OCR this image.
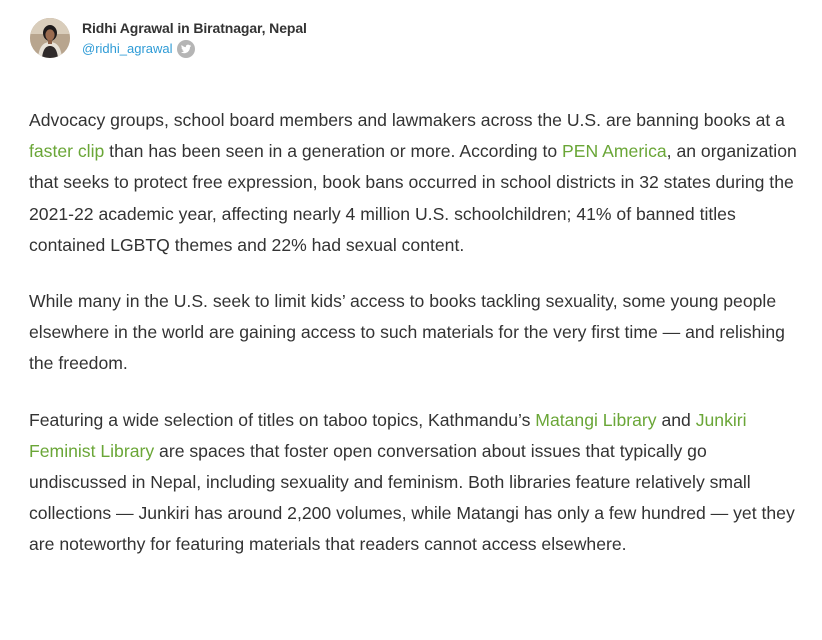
Ridhi Agrawal in Biratnagar, Nepal
@ridhi_agrawal

Advocacy groups, school board members and lawmakers across the U.S. are banning books at a faster clip than has been seen in a generation or more. According to PEN America, an organization that seeks to protect free expression, book bans occurred in school districts in 32 states during the 2021-22 academic year, affecting nearly 4 million U.S. schoolchildren; 41% of banned titles contained LGBTQ themes and 22% had sexual content.

While many in the U.S. seek to limit kids’ access to books tackling sexuality, some young people elsewhere in the world are gaining access to such materials for the very first time — and relishing the freedom.

Featuring a wide selection of titles on taboo topics, Kathmandu’s Matangi Library and Junkiri Feminist Library are spaces that foster open conversation about issues that typically go undiscussed in Nepal, including sexuality and feminism. Both libraries feature relatively small collections — Junkiri has around 2,200 volumes, while Matangi has only a few hundred — yet they are noteworthy for featuring materials that readers cannot access elsewhere.
